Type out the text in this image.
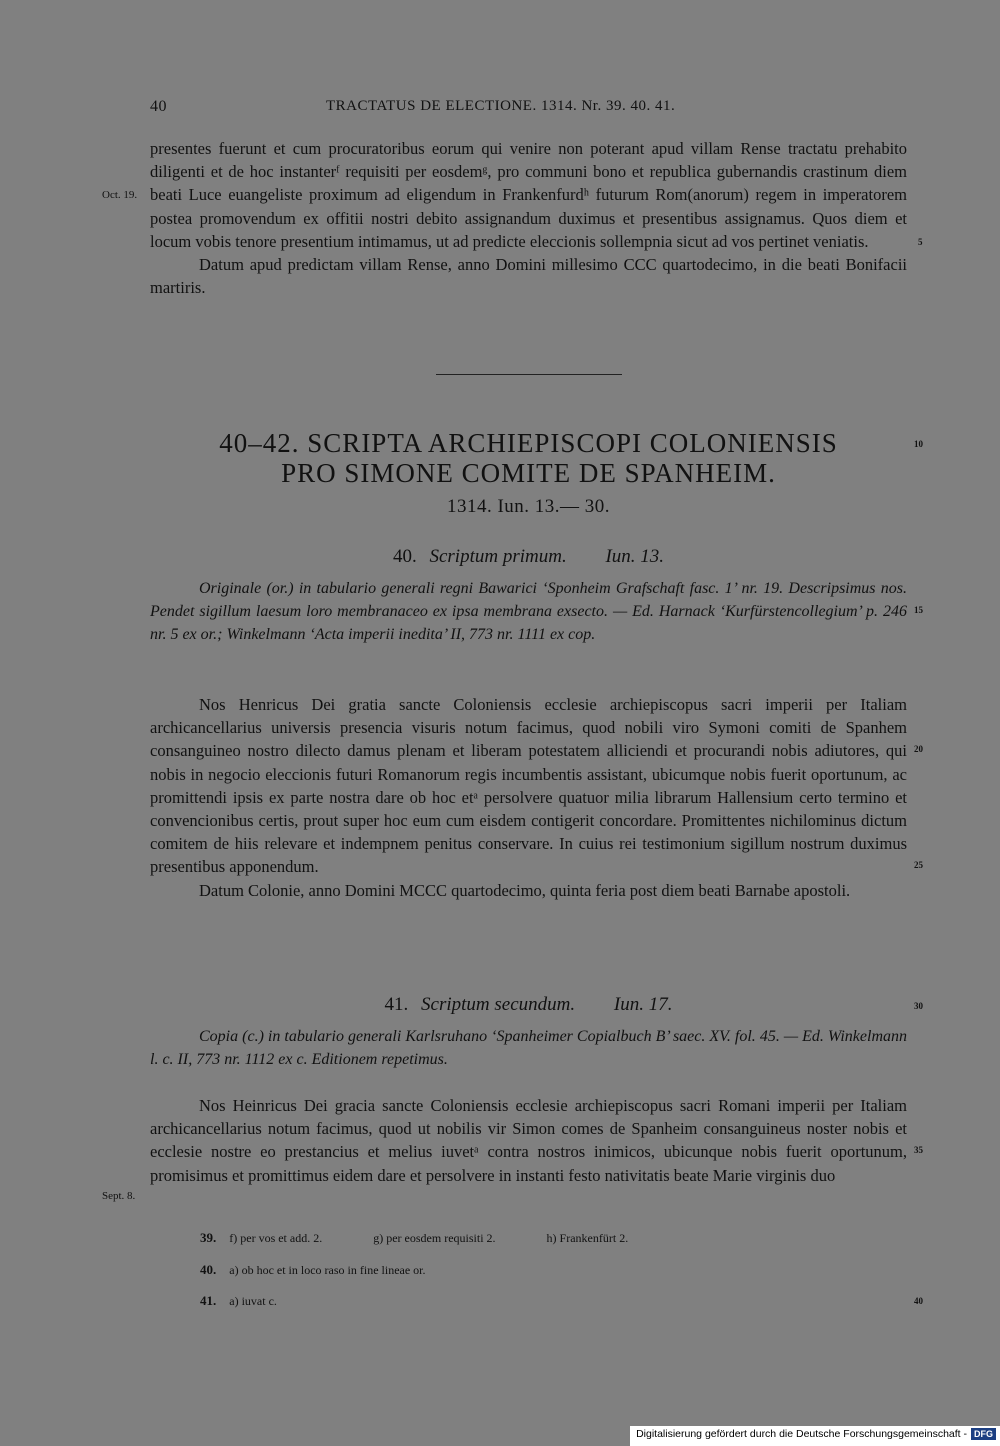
40	TRACTATUS DE ELECTIONE. 1314. Nr. 39. 40. 41.

presentes fuerunt et cum procuratoribus eorum qui venire non poterant apud villam Rense tractatu prehabito diligenti et de hoc instanterᶠ requisiti per eosdemᵍ, pro communi bono et republica gubernandis crastinum diem beati Luce euangeliste proximum ad eligendum in Frankenfurdʰ futurum Rom(anorum) regem in imperatorem postea promovendum ex offitii nostri debito assignandum duximus et presentibus assignamus. Quos diem et locum vobis tenore presentium intimamus, ut ad predicte eleccionis sollempnia sicut ad vos pertinet veniatis.

Datum apud predictam villam Rense, anno Domini millesimo CCC quartodecimo, in die beati Bonifacii martiris.

Oct. 19.
40–42. SCRIPTA ARCHIEPISCOPI COLONIENSIS
PRO SIMONE COMITE DE SPANHEIM.
1314. Iun. 13.— 30.
40. Scriptum primum. Iun. 13.
Originale (or.) in tabulario generali regni Bawarici ‘Sponheim Grafschaft fasc. 1’ nr. 19. Descripsimus nos. Pendet sigillum laesum loro membranaceo ex ipsa membrana exsecto. — Ed. Harnack ‘Kurfürstencollegium’ p. 246 nr. 5 ex or.; Winkelmann ‘Acta imperii inedita’ II, 773 nr. 1111 ex cop.

Nos Henricus Dei gratia sancte Coloniensis ecclesie archiepiscopus sacri imperii per Italiam archicancellarius universis presencia visuris notum facimus, quod nobili viro Symoni comiti de Spanhem consanguineo nostro dilecto damus plenam et liberam potestatem alliciendi et procurandi nobis adiutores, qui nobis in negocio eleccionis futuri Romanorum regis incumbentis assistant, ubicumque nobis fuerit oportunum, ac promittendi ipsis ex parte nostra dare ob hoc etᵃ persolvere quatuor milia librarum Hallensium certo termino et convencionibus certis, prout super hoc eum cum eisdem contigerit concordare. Promittentes nichilominus dictum comitem de hiis relevare et indempnem penitus conservare. In cuius rei testimonium sigillum nostrum duximus presentibus apponendum.

Datum Colonie, anno Domini MCCC quartodecimo, quinta feria post diem beati Barnabe apostoli.

41. Scriptum secundum. Iun. 17.
Copia (c.) in tabulario generali Karlsruhano ‘Spanheimer Copialbuch B’ saec. XV. fol. 45. — Ed. Winkelmann l. c. II, 773 nr. 1112 ex c. Editionem repetimus.

Nos Heinricus Dei gracia sancte Coloniensis ecclesie archiepiscopus sacri Romani imperii per Italiam archicancellarius notum facimus, quod ut nobilis vir Simon comes de Spanheim consanguineus noster nobis et ecclesie nostre eo prestancius et melius iuvetᵃ contra nostros inimicos, ubicunque nobis fuerit oportunum, promisimus et promittimus eidem dare et persolvere in instanti festo nativitatis beate Marie virginis duo

Sept. 8.
5
10
15
20
25
30
35
40
39. f) per vos et add. 2.	g) per eosdem requisiti 2.	h) Frankenfürt 2.
40. a) ob hoc et in loco raso in fine lineae or.
41. a) iuvat c.
Digitalisierung gefördert durch die Deutsche Forschungsgemeinschaft - DFG
